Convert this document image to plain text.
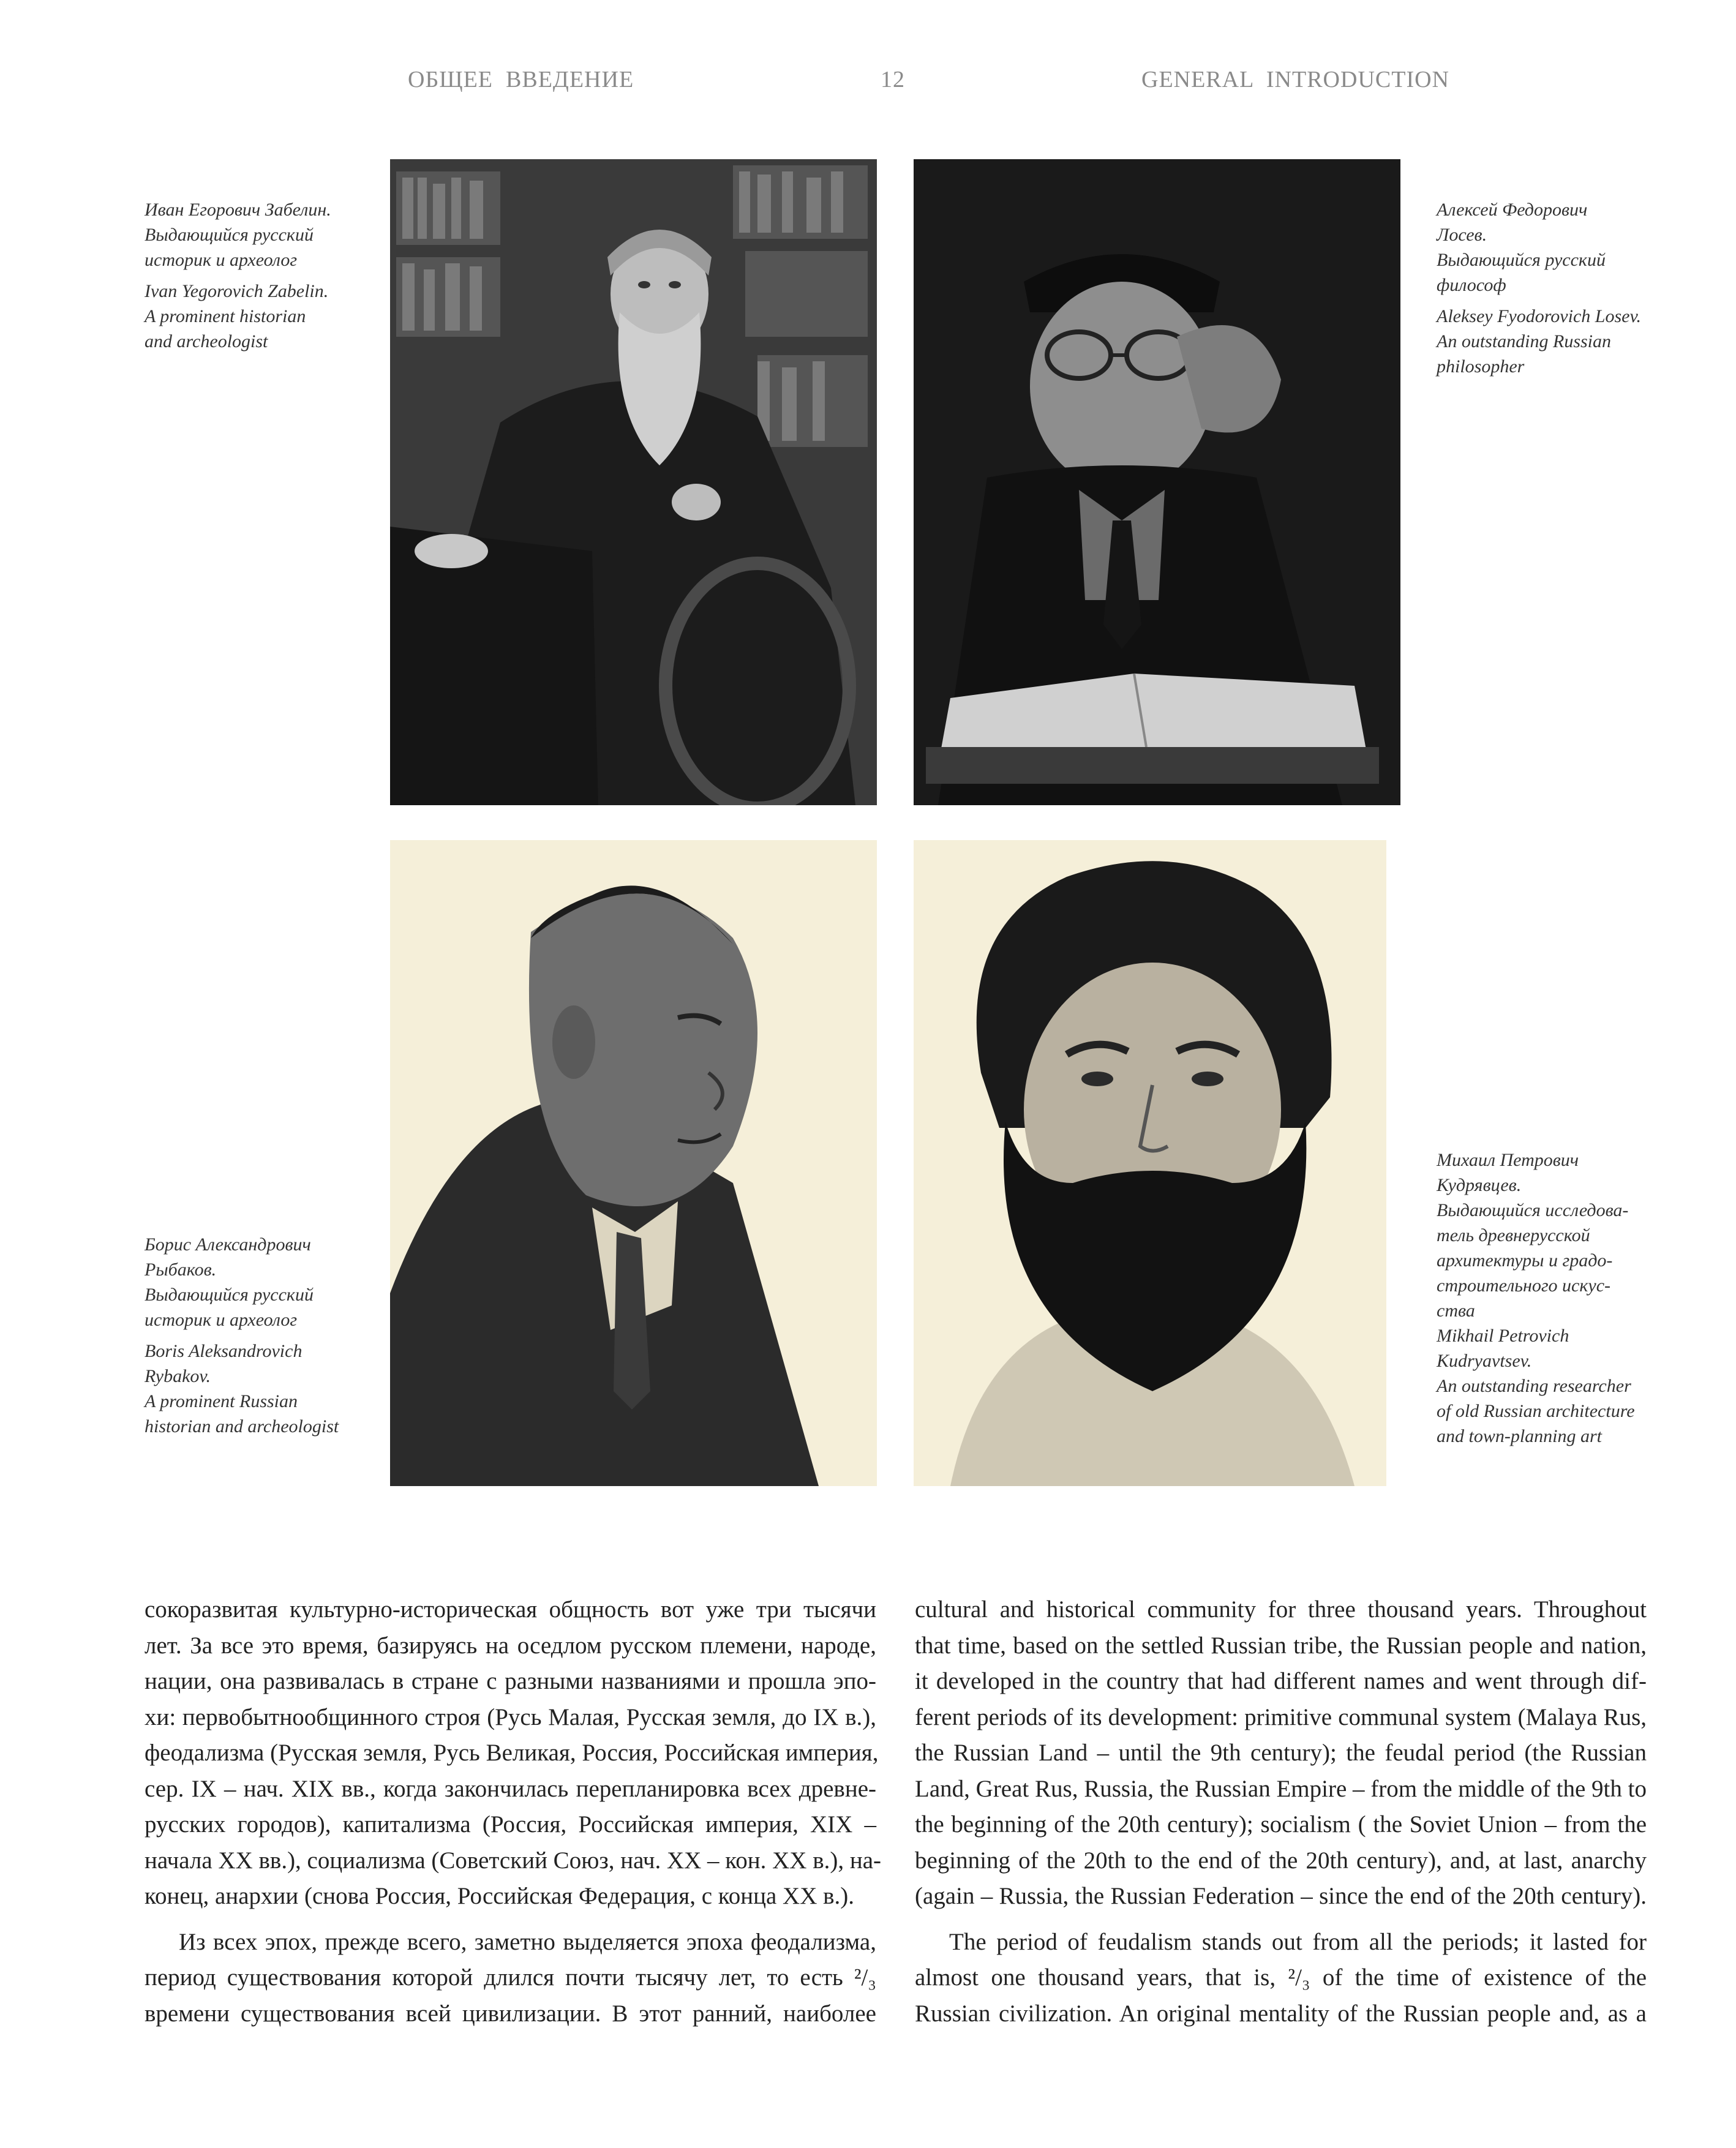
ОБЩЕЕ  ВВЕДЕНИЕ	12	GENERAL  INTRODUCTION

Иван Егорович Забелин.
Выдающийся русский
историк и археолог

Ivan Yegorovich Zabelin.
A prominent historian
and archeologist

Алексей Федорович
Лосев.
Выдающийся русский
философ

Aleksey Fyodorovich Losev.
An outstanding Russian
philosopher

Борис Александрович
Рыбаков.
Выдающийся русский
историк и археолог

Boris Aleksandrovich
Rybakov.
A prominent Russian
historian and archeologist

Михаил Петрович
Кудрявцев.
Выдающийся исследова-
тель древнерусской
архитектуры и градо-
строительного искус-
ства

Mikhail Petrovich
Kudryavtsev.
An outstanding researcher
of old Russian architecture
and town-planning art

сокоразвитая культурно-историческая общность вот уже три тысячи
лет. За все это время, базируясь на оседлом русском племени, народе,
нации, она развивалась в стране с разными названиями и прошла эпо-
хи: первобытнообщинного строя (Русь Малая, Русская земля, до IX в.),
феодализма (Русская земля, Русь Великая, Россия, Российская империя,
сер. IX – нач. XIX вв., когда закончилась перепланировка всех древне-
русских городов), капитализма (Россия, Российская империя, XIX –
начала XX вв.), социализма (Советский Союз, нач. XX – кон. XX в.), на-
конец, анархии (снова Россия, Российская Федерация, с конца XX в.).
Из всех эпох, прежде всего, заметно выделяется эпоха феодализма,
период существования которой длился почти тысячу лет, то есть ²/₃
времени существования всей цивилизации. В этот ранний, наиболее
cultural and historical community for three thousand years. Throughout
that time, based on the settled Russian tribe, the Russian people and nation,
it developed in the country that had different names and went through dif-
ferent periods of its development: primitive communal system (Malaya Rus,
the Russian Land – until the 9th century); the feudal period (the Russian
Land, Great Rus, Russia, the Russian Empire – from the middle of the 9th to
the beginning of the 20th century); socialism ( the Soviet Union – from the
beginning of the 20th to the end of the 20th century), and, at last, anarchy
(again – Russia, the Russian Federation – since the end of the 20th century).
The period of feudalism stands out from all the periods; it lasted for
almost one thousand years, that is, ²/₃ of the time of existence of the
Russian civilization. An original mentality of the Russian people and, as a
